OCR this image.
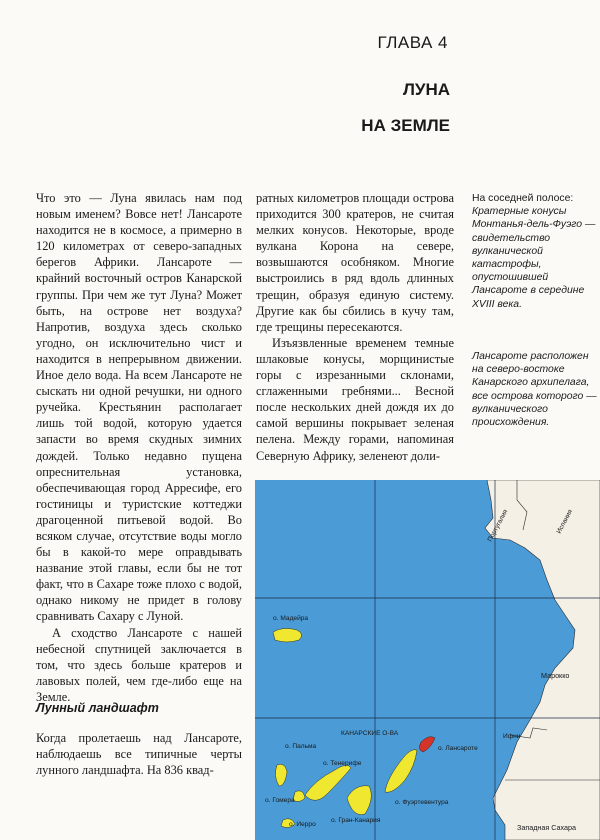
ГЛАВА 4
ЛУНА
НА ЗЕМЛЕ

Что это — Луна явилась нам под новым именем? Вовсе нет! Лансароте находится не в космосе, а примерно в 120 километрах от северо-западных берегов Африки. Лансароте — крайний восточный остров Канарской группы. При чем же тут Луна? Может быть, на острове нет воздуха? Напротив, воздуха здесь сколько угодно, он исключительно чист и находится в непрерывном движении. Иное дело вода. На всем Лансароте не сыскать ни одной речушки, ни одного ручейка. Крестьянин располагает лишь той водой, которую удается запасти во время скудных зимних дождей. Только недавно пущена опреснительная установка, обеспечивающая город Арресифе, его гостиницы и туристские коттеджи драгоценной питьевой водой. Во всяком случае, отсутствие воды могло бы в какой-то мере оправдывать название этой главы, если бы не тот факт, что в Сахаре тоже плохо с водой, однако никому не придет в голову сравнивать Сахару с Луной.

А сходство Лансароте с нашей небесной спутницей заключается в том, что здесь больше кратеров и лавовых полей, чем где-либо еще на Земле.

Лунный ландшафт

Когда пролетаешь над Лансароте, наблюдаешь все типичные черты лунного ландшафта. На 836 квад-

ратных километров площади острова приходится 300 кратеров, не считая мелких конусов. Некоторые, вроде вулкана Корона на севере, возвышаются особняком. Многие выстроились в ряд вдоль длинных трещин, образуя единую систему. Другие как бы сбились в кучу там, где трещины пересекаются.

Изъязвленные временем темные шлаковые конусы, морщинистые горы с изрезанными склонами, сглаженными гребнями... Весной после нескольких дней дождя их до самой вершины покрывает зеленая пелена. Между горами, напоминая Северную Африку, зеленеют доли-

На соседней полосе:
Кратерные конусы Монтанья-дель-Фуэго — свидетельство вулканической катастрофы, опустошившей Лансароте в середине XVIII века.
Лансароте расположен на северо-востоке Канарского архипелага, все острова которого — вулканического происхождения.
Португалия	Испания
о. Мадейра
Марокко
КАНАРСКИЕ О-ВА
о. Лансароте
о. Пальма
о. Тенерифе
о. Фуэртевентура
Ифни
о. Гомера
о. Иерро
о. Гран-Канария
Западная Сахара
